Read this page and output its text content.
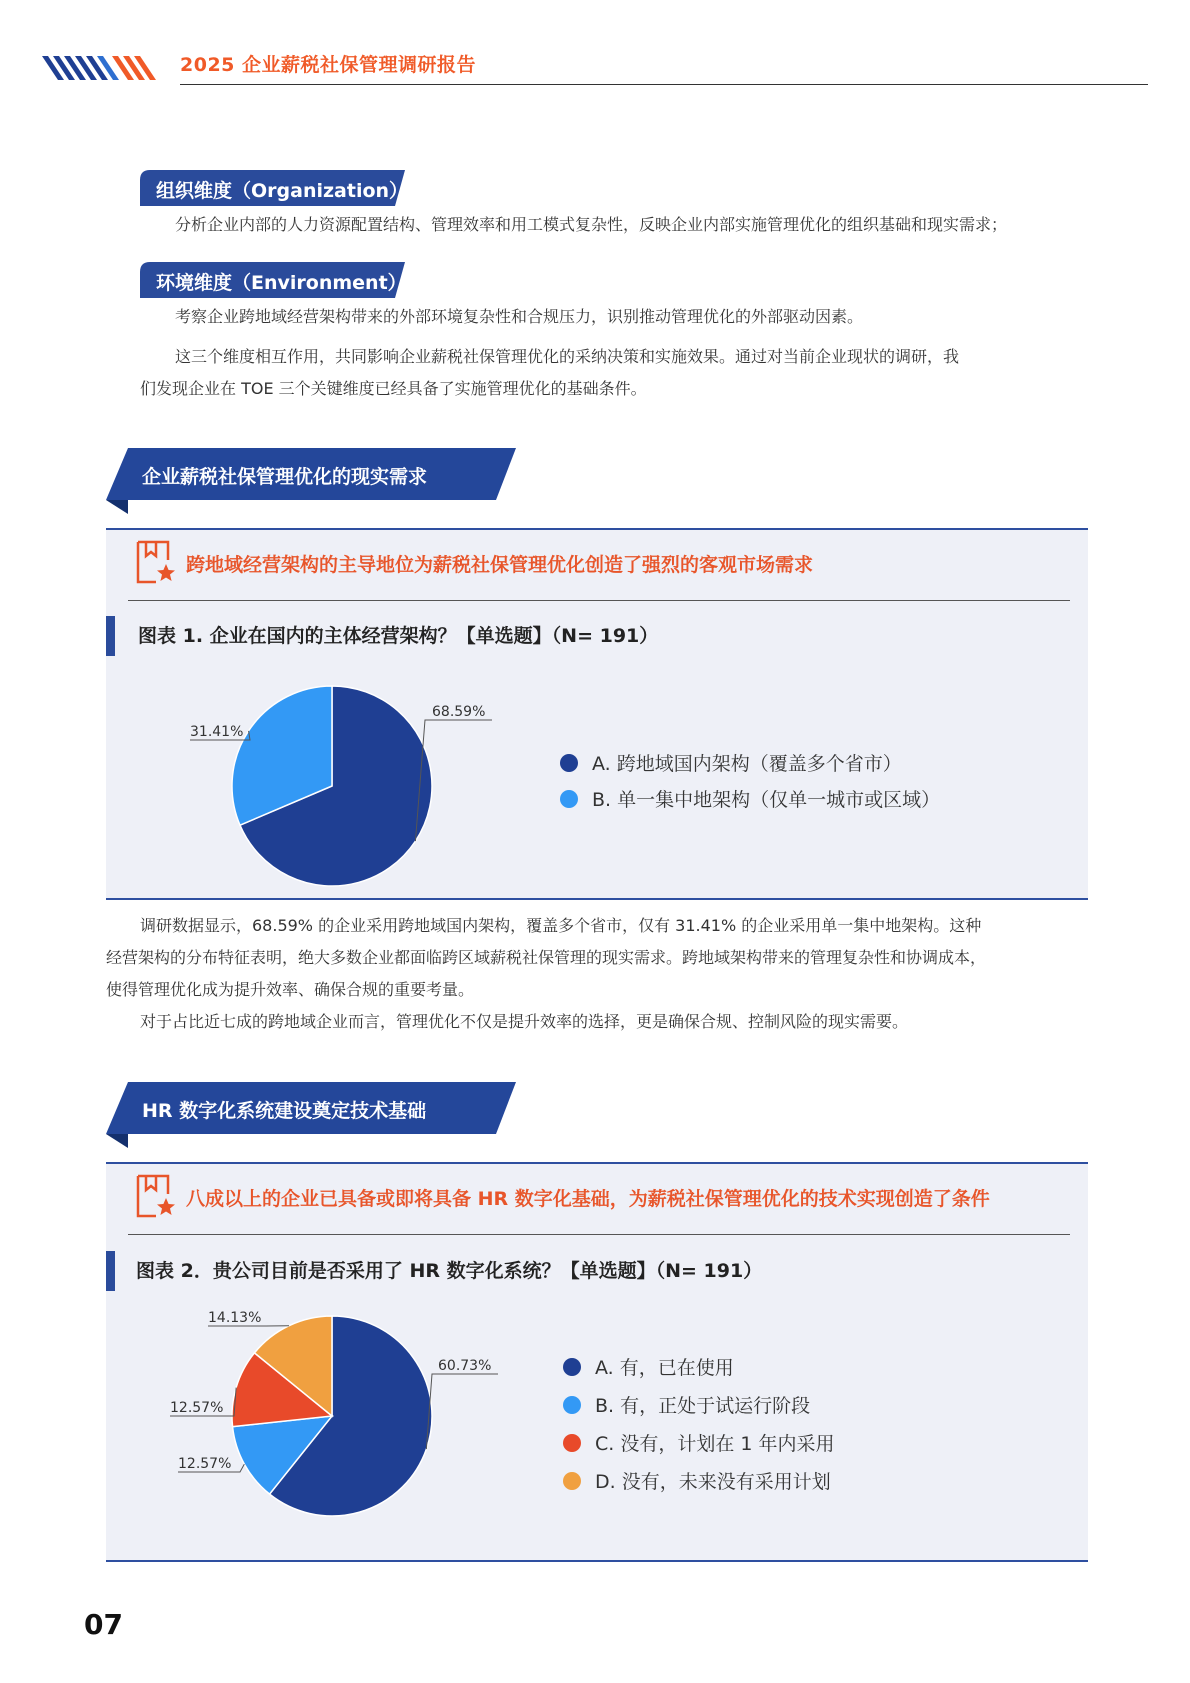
2025 企业薪税社保管理调研报告
组织维度（Organization）
分析企业内部的人力资源配置结构、管理效率和用工模式复杂性，反映企业内部实施管理优化的组织基础和现实需求；
环境维度（Environment）
考察企业跨地域经营架构带来的外部环境复杂性和合规压力，识别推动管理优化的外部驱动因素。
这三个维度相互作用，共同影响企业薪税社保管理优化的采纳决策和实施效果。通过对当前企业现状的调研，我
们发现企业在 TOE 三个关键维度已经具备了实施管理优化的基础条件。
企业薪税社保管理优化的现实需求
跨地域经营架构的主导地位为薪税社保管理优化创造了强烈的客观市场需求
图表 1. 企业在国内的主体经营架构？【单选题】（N= 191）
68.59%
31.41%
A. 跨地域国内架构（覆盖多个省市）
B. 单一集中地架构（仅单一城市或区域）
调研数据显示，68.59% 的企业采用跨地域国内架构，覆盖多个省市，仅有 31.41% 的企业采用单一集中地架构。这种
经营架构的分布特征表明，绝大多数企业都面临跨区域薪税社保管理的现实需求。跨地域架构带来的管理复杂性和协调成本，
使得管理优化成为提升效率、确保合规的重要考量。
对于占比近七成的跨地域企业而言，管理优化不仅是提升效率的选择，更是确保合规、控制风险的现实需要。
HR 数字化系统建设奠定技术基础
八成以上的企业已具备或即将具备 HR 数字化基础，为薪税社保管理优化的技术实现创造了条件
图表 2．贵公司目前是否采用了 HR 数字化系统？【单选题】（N= 191）
60.73%
12.57%
12.57%
14.13%
A. 有，已在使用
B. 有，正处于试运行阶段
C. 没有，计划在 1 年内采用
D. 没有，未来没有采用计划
07
